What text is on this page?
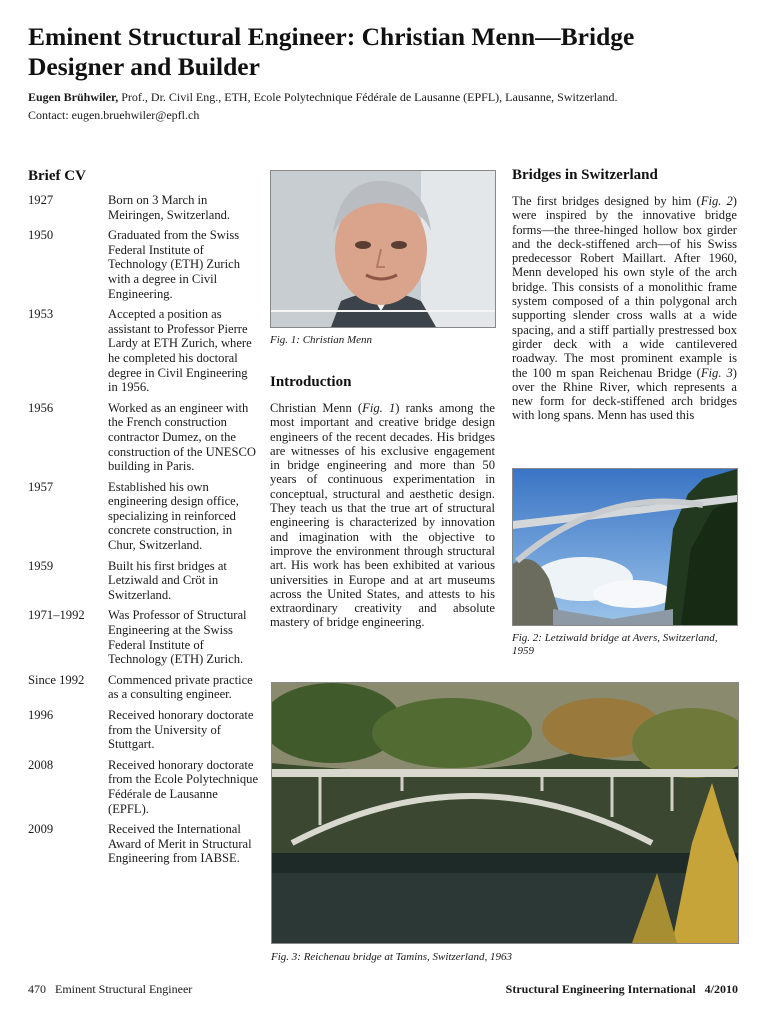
Eminent Structural Engineer: Christian Menn—Bridge Designer and Builder
Eugen Brühwiler, Prof., Dr. Civil Eng., ETH, Ecole Polytechnique Fédérale de Lausanne (EPFL), Lausanne, Switzerland.
Contact: eugen.bruehwiler@epfl.ch
Brief CV
1927	Born on 3 March in Meiringen, Switzerland.
1950	Graduated from the Swiss Federal Institute of Technology (ETH) Zurich with a degree in Civil Engineering.
1953	Accepted a position as assistant to Professor Pierre Lardy at ETH Zurich, where he completed his doctoral degree in Civil Engineering in 1956.
1956	Worked as an engineer with the French construction contractor Dumez, on the construction of the UNESCO building in Paris.
1957	Established his own engineering design office, specializing in reinforced concrete construction, in Chur, Switzerland.
1959	Built his first bridges at Letziwald and Cröt in Switzerland.
1971–1992	Was Professor of Structural Engineering at the Swiss Federal Institute of Technology (ETH) Zurich.
Since 1992	Commenced private practice as a consulting engineer.
1996	Received honorary doctorate from the University of Stuttgart.
2008	Received honorary doctorate from the Ecole Polytechnique Fédérale de Lausanne (EPFL).
2009	Received the International Award of Merit in Structural Engineering from IABSE.
Fig. 1: Christian Menn
Introduction

Christian Menn (Fig. 1) ranks among the most important and creative bridge design engineers of the recent decades. His bridges are witnesses of his exclusive engagement in bridge engineering and more than 50 years of continuous experimentation in conceptual, structural and aesthetic design. They teach us that the true art of structural engineering is characterized by innovation and imagination with the objective to improve the environment through structural art. His work has been exhibited at various universities in Europe and at art museums across the United States, and attests to his extraordinary creativity and absolute mastery of bridge engineering.

Bridges in Switzerland

The first bridges designed by him (Fig. 2) were inspired by the innovative bridge forms—the three-hinged hollow box girder and the deck-stiffened arch—of his Swiss predecessor Robert Maillart. After 1960, Menn developed his own style of the arch bridge. This consists of a monolithic frame system composed of a thin polygonal arch supporting slender cross walls at a wide spacing, and a stiff partially prestressed box girder deck with a wide cantilevered roadway. The most prominent example is the 100 m span Reichenau Bridge (Fig. 3) over the Rhine River, which represents a new form for deck-stiffened arch bridges with long spans. Menn has used this

Fig. 2: Letziwald bridge at Avers, Switzerland, 1959
Fig. 3: Reichenau bridge at Tamins, Switzerland, 1963
470   Eminent Structural Engineer	Structural Engineering International   4/2010
